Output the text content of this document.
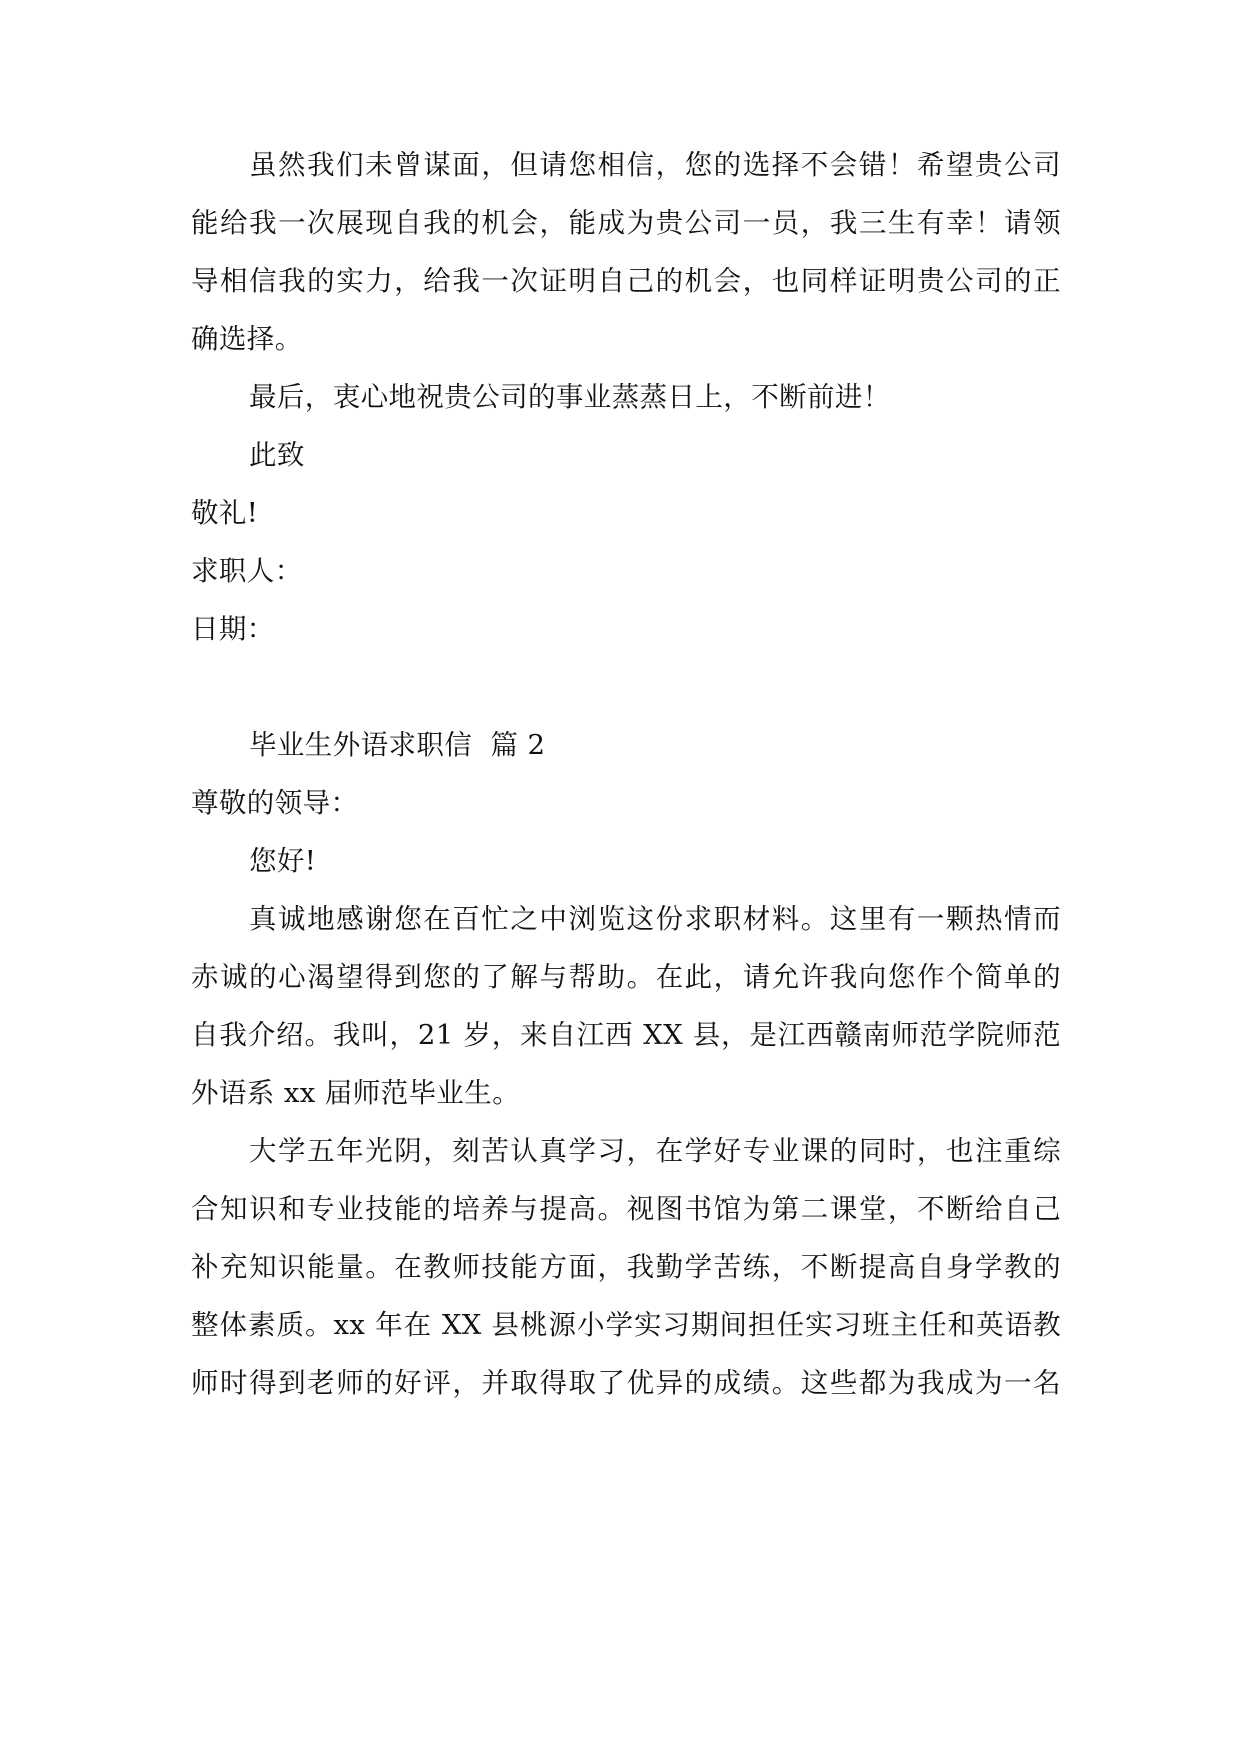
虽然我们未曾谋面，但请您相信，您的选择不会错！希望贵公司
能给我一次展现自我的机会，能成为贵公司一员，我三生有幸！请领
导相信我的实力，给我一次证明自己的机会，也同样证明贵公司的正
确选择。
最后，衷心地祝贵公司的事业蒸蒸日上，不断前进！
此致
敬礼!
求职人：
日期：
毕业生外语求职信  篇 2
尊敬的领导：
您好!
真诚地感谢您在百忙之中浏览这份求职材料。这里有一颗热情而
赤诚的心渴望得到您的了解与帮助。在此，请允许我向您作个简单的
自我介绍。我叫，21 岁，来自江西 XX 县，是江西赣南师范学院师范
外语系 xx 届师范毕业生。
大学五年光阴，刻苦认真学习，在学好专业课的同时，也注重综
合知识和专业技能的培养与提高。视图书馆为第二课堂，不断给自己
补充知识能量。在教师技能方面，我勤学苦练，不断提高自身学教的
整体素质。xx 年在 XX 县桃源小学实习期间担任实习班主任和英语教
师时得到老师的好评，并取得取了优异的成绩。这些都为我成为一名
